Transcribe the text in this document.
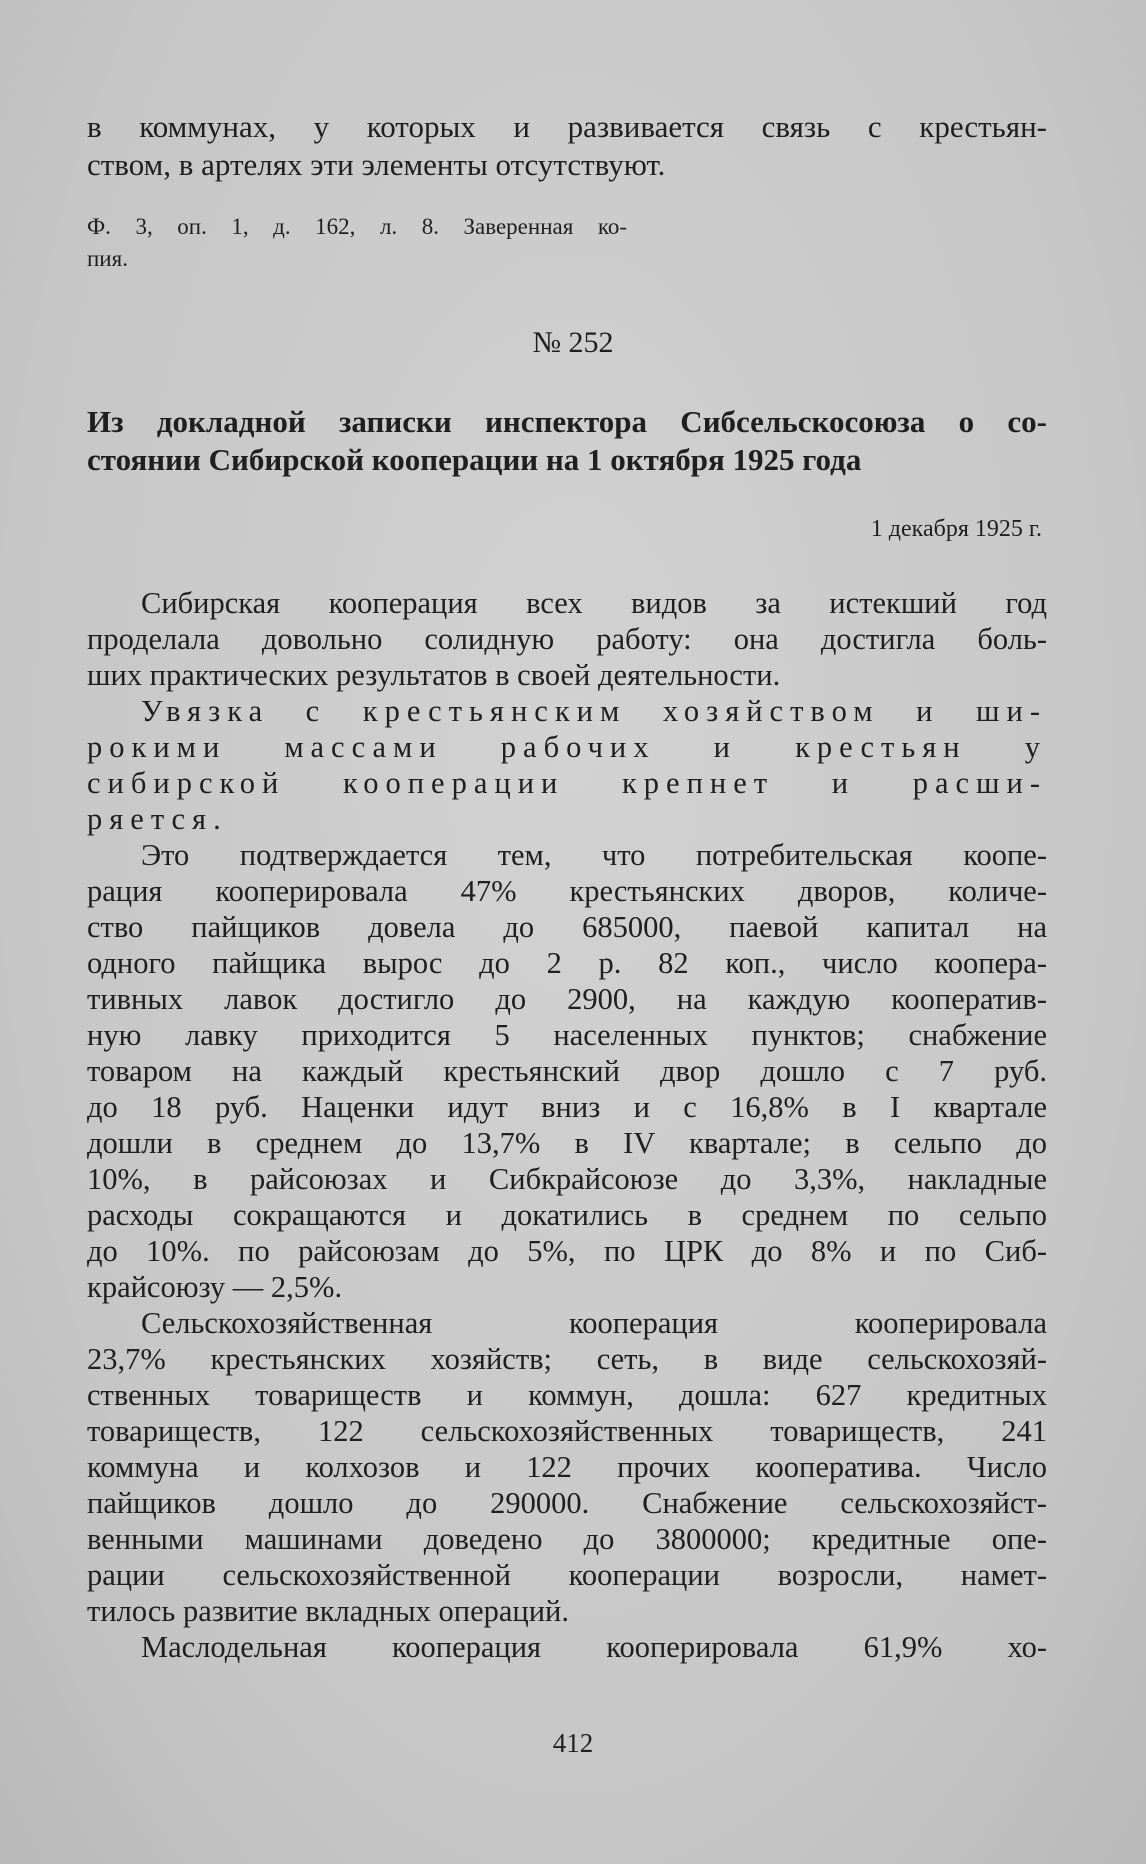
в коммунах, у которых и развивается связь с крестьян-
ством, в артелях эти элементы отсутствуют.
Ф. 3, оп. 1, д. 162, л. 8. Заверенная ко-
пия.
№ 252
Из докладной записки инспектора Сибсельскосоюза о со-
стоянии Сибирской кооперации на 1 октября 1925 года
1 декабря 1925 г.
Сибирская кооперация всех видов за истекший год
проделала довольно солидную работу: она достигла боль-
ших практических результатов в своей деятельности.
Увязка с крестьянским хозяйством и ши-
рокими массами рабочих и крестьян у
сибирской кооперации крепнет и расши-
ряется.
Это подтверждается тем, что потребительская коопе-
рация кооперировала 47% крестьянских дворов, количе-
ство пайщиков довела до 685000, паевой капитал на
одного пайщика вырос до 2 р. 82 коп., число коопера-
тивных лавок достигло до 2900, на каждую кооператив-
ную лавку приходится 5 населенных пунктов; снабжение
товаром на каждый крестьянский двор дошло с 7 руб.
до 18 руб. Наценки идут вниз и с 16,8% в I квартале
дошли в среднем до 13,7% в IV квартале; в сельпо до
10%, в райсоюзах и Сибкрайсоюзе до 3,3%, накладные
расходы сокращаются и докатились в среднем по сельпо
до 10%. по райсоюзам до 5%, по ЦРК до 8% и по Сиб-
крайсоюзу — 2,5%.
Сельскохозяйственная кооперация кооперировала
23,7% крестьянских хозяйств; сеть, в виде сельскохозяй-
ственных товариществ и коммун, дошла: 627 кредитных
товариществ, 122 сельскохозяйственных товариществ, 241
коммуна и колхозов и 122 прочих кооператива. Число
пайщиков дошло до 290000. Снабжение сельскохозяйст-
венными машинами доведено до 3800000; кредитные опе-
рации сельскохозяйственной кооперации возросли, намет-
тилось развитие вкладных операций.
Маслодельная кооперация кооперировала 61,9% хо-
412
